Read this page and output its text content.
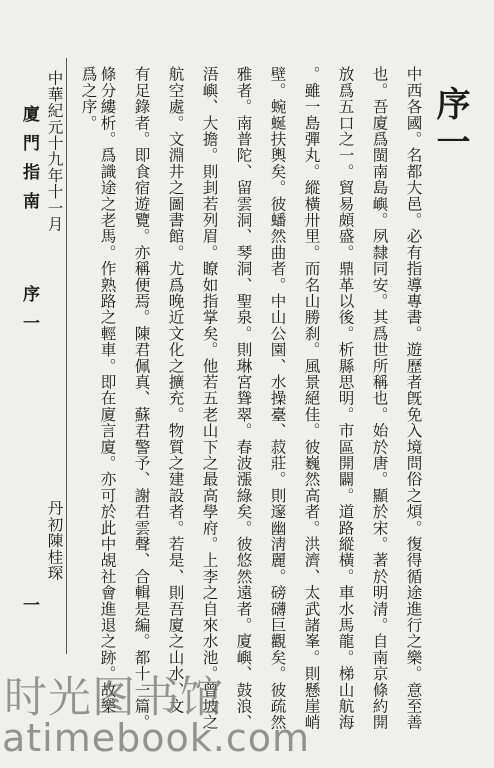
序一
中西各國。名都大邑。必有指導專書。遊歷者旣免入境問俗之煩。復得循途進行之樂。意至善
也。吾廈爲閩南島嶼。夙隸同安。其爲世所稱也。始於唐。顯於宋。著於明清。自南京條約開
放爲五口之一。貿易頗盛。鼎革以後。析縣思明。市區開闢。道路縱橫。車水馬龍。梯山航海
。雖一島彈丸。縱橫卅里。而名山勝刹。風景絕佳。彼巍然高者。洪濟、太武諸峯。則懸崖峭
壁。蜿蜒扶輿矣。彼蟠然曲者。中山公園、水操臺、菽莊。則邃幽淸麗。磅礴巨觀矣。彼疏然
雅者。南普陀、留雲洞、琴洞、聖泉。則琳宮聳翠。春波漲綠矣。彼悠然遠者。廈嶼、鼓浪、
浯嶼、大擔。則刲若列眉。瞭如指掌矣。他若五老山下之最高學府。上李之自來水池。曾坡之
航空處。文淵井之圖書館。尤爲晚近文化之擴充。物質之建設者。若是、則吾廈之山水、文
有足錄者。即食宿遊覽。亦稱便焉。陳君佩真、蘇君警予、謝君雲聲、合輯是編。都十一篇。
條分縷析。爲識途之老馬。作熟路之輕車。即在廈言廈。亦可於此中覘社會進退之跡。故樂
爲之序。
中華紀元十九年十一月
丹初陳桂琛
廈門指南
序一
一
时光图书馆
atimebook.com
